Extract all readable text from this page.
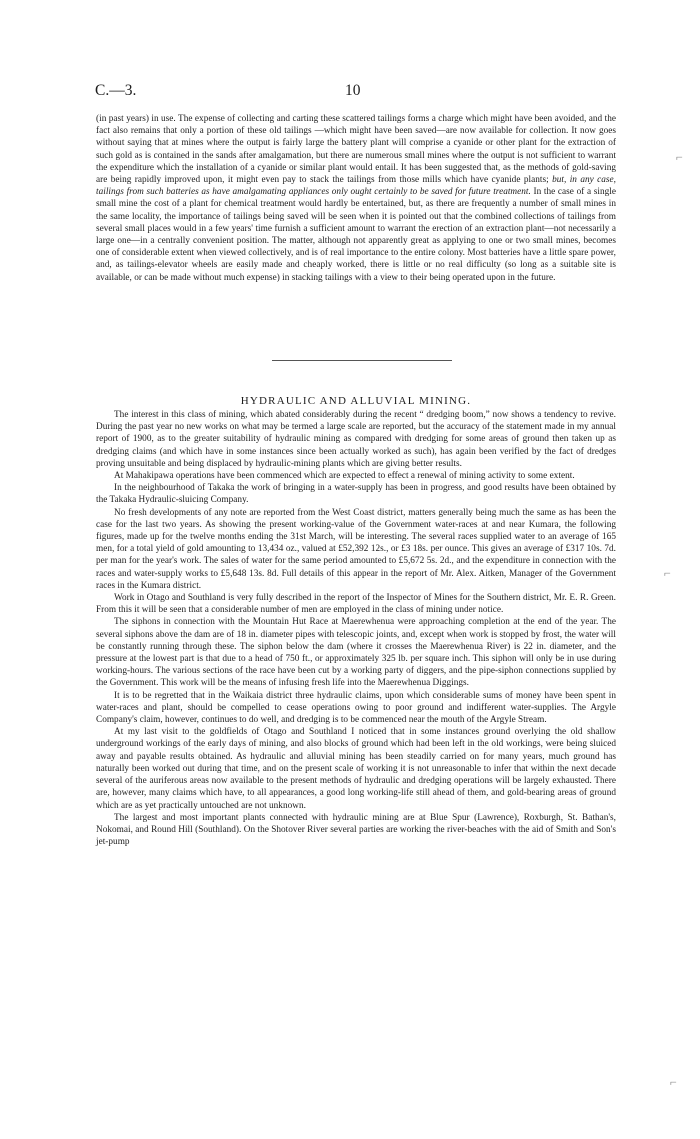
C.—3.	10

(in past years) in use. The expense of collecting and carting these scattered tailings forms a charge which might have been avoided, and the fact also remains that only a portion of these old tailings —which might have been saved—are now available for collection. It now goes without saying that at mines where the output is fairly large the battery plant will comprise a cyanide or other plant for the extraction of such gold as is contained in the sands after amalgamation, but there are numerous small mines where the output is not sufficient to warrant the expenditure which the installation of a cyanide or similar plant would entail. It has been suggested that, as the methods of gold-saving are being rapidly improved upon, it might even pay to stack the tailings from those mills which have cyanide plants; but, in any case, tailings from such batteries as have amalgamating appliances only ought certainly to be saved for future treatment. In the case of a single small mine the cost of a plant for chemical treatment would hardly be entertained, but, as there are frequently a number of small mines in the same locality, the importance of tailings being saved will be seen when it is pointed out that the combined collections of tailings from several small places would in a few years' time furnish a sufficient amount to warrant the erection of an extraction plant—not necessarily a large one—in a centrally convenient position. The matter, although not apparently great as applying to one or two small mines, becomes one of considerable extent when viewed collectively, and is of real importance to the entire colony. Most batteries have a little spare power, and, as tailings-elevator wheels are easily made and cheaply worked, there is little or no real difficulty (so long as a suitable site is available, or can be made without much expense) in stacking tailings with a view to their being operated upon in the future.

HYDRAULIC AND ALLUVIAL MINING.

The interest in this class of mining, which abated considerably during the recent “ dredging boom,” now shows a tendency to revive. During the past year no new works on what may be termed a large scale are reported, but the accuracy of the statement made in my annual report of 1900, as to the greater suitability of hydraulic mining as compared with dredging for some areas of ground then taken up as dredging claims (and which have in some instances since been actually worked as such), has again been verified by the fact of dredges proving unsuitable and being displaced by hydraulic-mining plants which are giving better results.

At Mahakipawa operations have been commenced which are expected to effect a renewal of mining activity to some extent.

In the neighbourhood of Takaka the work of bringing in a water-supply has been in progress, and good results have been obtained by the Takaka Hydraulic-sluicing Company.

No fresh developments of any note are reported from the West Coast district, matters generally being much the same as has been the case for the last two years. As showing the present working-value of the Government water-races at and near Kumara, the following figures, made up for the twelve months ending the 31st March, will be interesting. The several races supplied water to an average of 165 men, for a total yield of gold amounting to 13,434 oz., valued at £52,392 12s., or £3 18s. per ounce. This gives an average of £317 10s. 7d. per man for the year's work. The sales of water for the same period amounted to £5,672 5s. 2d., and the expenditure in connection with the races and water-supply works to £5,648 13s. 8d. Full details of this appear in the report of Mr. Alex. Aitken, Manager of the Government races in the Kumara district.

Work in Otago and Southland is very fully described in the report of the Inspector of Mines for the Southern district, Mr. E. R. Green. From this it will be seen that a considerable number of men are employed in the class of mining under notice.

The siphons in connection with the Mountain Hut Race at Maerewhenua were approaching completion at the end of the year. The several siphons above the dam are of 18 in. diameter pipes with telescopic joints, and, except when work is stopped by frost, the water will be constantly running through these. The siphon below the dam (where it crosses the Maerewhenua River) is 22 in. diameter, and the pressure at the lowest part is that due to a head of 750 ft., or approximately 325 lb. per square inch. This siphon will only be in use during working-hours. The various sections of the race have been cut by a working party of diggers, and the pipe-siphon connections supplied by the Government. This work will be the means of infusing fresh life into the Maerewhenua Diggings.

It is to be regretted that in the Waikaia district three hydraulic claims, upon which considerable sums of money have been spent in water-races and plant, should be compelled to cease operations owing to poor ground and indifferent water-supplies. The Argyle Company's claim, however, continues to do well, and dredging is to be commenced near the mouth of the Argyle Stream.

At my last visit to the goldfields of Otago and Southland I noticed that in some instances ground overlying the old shallow underground workings of the early days of mining, and also blocks of ground which had been left in the old workings, were being sluiced away and payable results obtained. As hydraulic and alluvial mining has been steadily carried on for many years, much ground has naturally been worked out during that time, and on the present scale of working it is not unreasonable to infer that within the next decade several of the auriferous areas now available to the present methods of hydraulic and dredging operations will be largely exhausted. There are, however, many claims which have, to all appearances, a good long working-life still ahead of them, and gold-bearing areas of ground which are as yet practically untouched are not unknown.

The largest and most important plants connected with hydraulic mining are at Blue Spur (Lawrence), Roxburgh, St. Bathan's, Nokomai, and Round Hill (Southland). On the Shotover River several parties are working the river-beaches with the aid of Smith and Son's jet-pump

⌐
⌐
⌐
